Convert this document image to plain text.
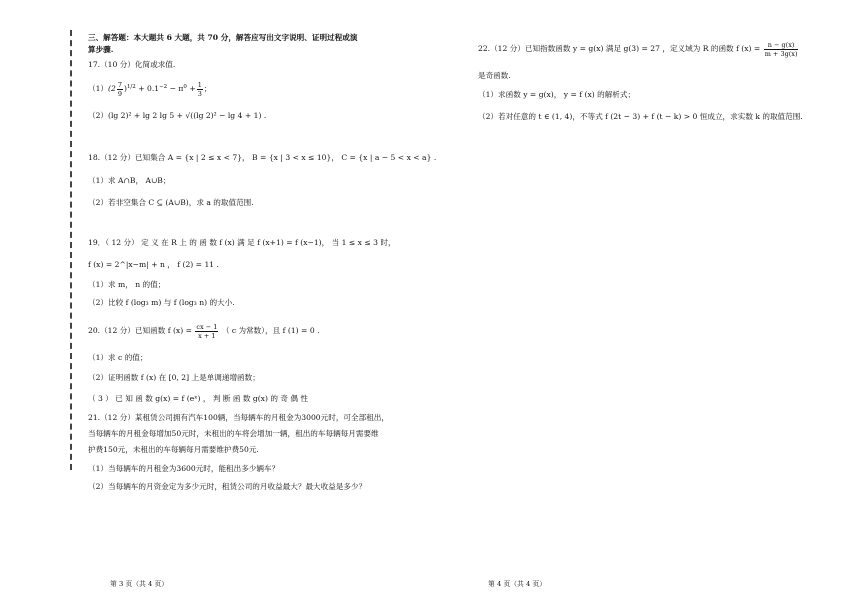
三、解答题：本大题共 6 大题，共 70 分，解答应写出文字说明、证明过程或演
算步骤.
17.（10 分）化简或求值.
$(1)(2 \frac{7}{9} )^{1/2} + 0.1^{-2} - \pi^0 + \frac{1}{3}$ ；
（2）(lg 2)² + lg 2 lg 5 + √((lg 2)² − lg 4 + 1) .
18.（12 分）已知集合 A = {x | 2 ≤ x < 7}， B = {x | 3 < x ≤ 10}， C = {x | a − 5 < x < a} .
（1）求 A∩B， A∪B；
（2）若非空集合 C ⊆ (A∪B)，求 a 的取值范围.
19．（ 12 分） 定 义 在 R 上 的 函 数 f (x) 满 足 f (x+1) = f (x−1)， 当 1 ≤ x ≤ 3 时，
f (x) = 2^|x−m| + n ， f (2) = 11 .
（1）求 m， n 的值；
（2）比较 f (log₃ m) 与 f (log₃ n) 的大小.
20.（12 分）已知函数 f $(x) = \frac{cx - 1}{x + 1}$ （ c 为常数），且 f (1) = 0 .
（1）求 c 的值；
（2）证明函数 f (x) 在 [0, 2] 上是单调递增函数；
（ 3 ） 已 知 函 数 g(x) = f (eˣ) ， 判 断 函 数 g(x) 的 奇 偶 性
21.（12 分）某租赁公司拥有汽车100辆，当每辆车的月租金为3000元时，可全部租出，
当每辆车的月租金每增加50元时，未租出的车将会增加一辆，租出的车每辆每月需要维
护费150元，未租出的车每辆每月需要维护费50元.
（1）当每辆车的月租金为3600元时，能租出多少辆车？
（2）当每辆车的月资金定为多少元时，租赁公司的月收益最大？最大收益是多少？
第 3 页（共 4 页）
22.（12 分）已知指数函数 y = g(x) 满足 g(3) = 27 ，定义域为 R 的函数 f $(x) = \frac{n - g(x)}{m + 3g(x)}$
是奇函数.
（1）求函数 y = g(x)， y = f (x) 的解析式；
（2）若对任意的 t ∈ (1, 4)，不等式 f (2t − 3) + f (t − k) > 0 恒成立，求实数 k 的取值范围.
第 4 页（共 4 页）
